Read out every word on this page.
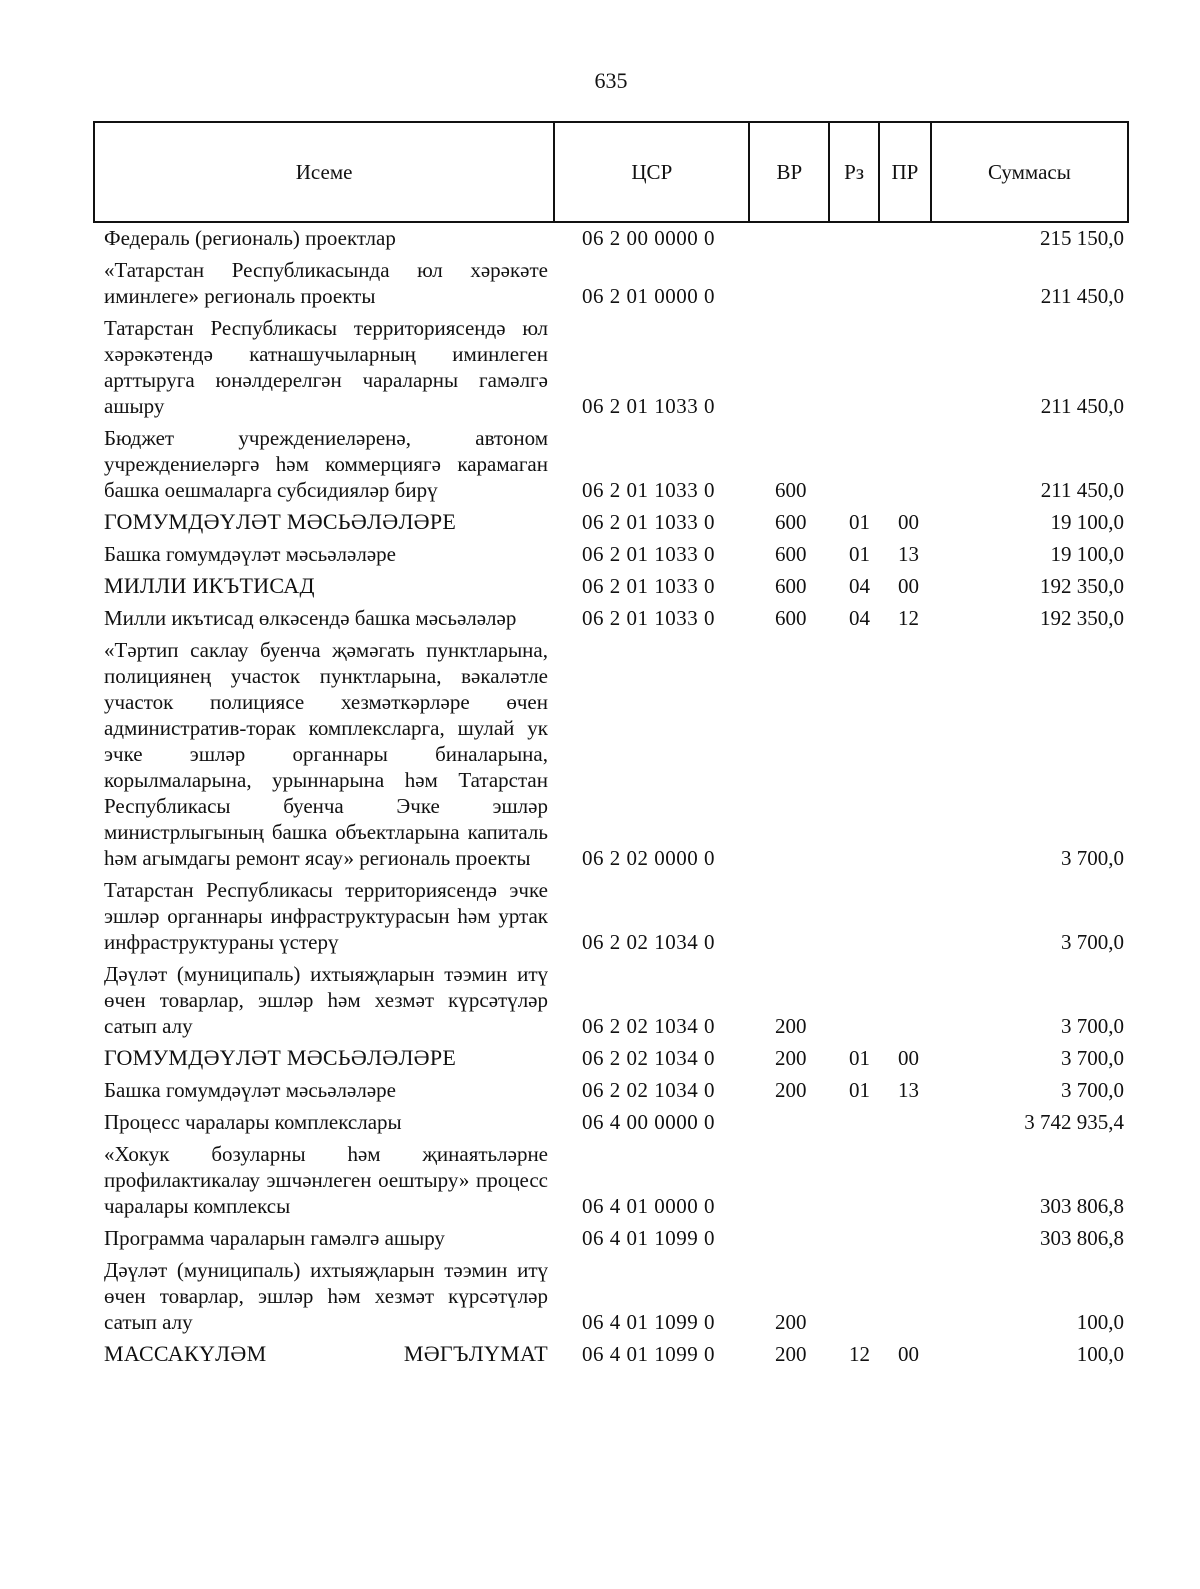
635
Исеме	ЦСР	ВР	Рз	ПР	Суммасы
Федераль (региональ) проектлар	06 2 00 0000 0	215 150,0
«Татарстан Республикасында юл хәрәкәте иминлеге» региональ проекты	06 2 01 0000 0	211 450,0
Татарстан Республикасы территориясендә юл хәрәкәтендә катнашучыларның иминлеген арттыруга юнәлдерелгән чараларны гамәлгә ашыру	06 2 01 1033 0	211 450,0
Бюджет учреждениеләренә, автоном учреждениеләргә һәм коммерциягә карамаган башка оешмаларга субсидияләр бирү	06 2 01 1033 0	600	211 450,0
ГОМУМДӘҮЛӘТ МӘСЬӘЛӘЛӘРЕ	06 2 01 1033 0	600 01 00	19 100,0
Башка гомумдәүләт мәсьәләләре	06 2 01 1033 0	600 01 13	19 100,0
МИЛЛИ ИКЪТИСАД	06 2 01 1033 0	600 04 00	192 350,0
Милли икътисад өлкәсендә башка мәсьәләләр	06 2 01 1033 0	600 04 12	192 350,0
«Тәртип саклау буенча җәмәгать пунктларына, полициянең участок пунктларына, вәкаләтле участок полициясе хезмәткәрләре өчен административ-торак комплексларга, шулай ук эчке эшләр органнары биналарына, корылмаларына, урыннарына һәм Татарстан Республикасы буенча Эчке эшләр министрлыгының башка объектларына капиталь һәм агымдагы ремонт ясау» региональ проекты	06 2 02 0000 0	3 700,0
Татарстан Республикасы территориясендә эчке эшләр органнары инфраструктурасын һәм уртак инфраструктураны үстерү	06 2 02 1034 0	3 700,0
Дәүләт (муниципаль) ихтыяҗларын тәэмин итү өчен товарлар, эшләр һәм хезмәт күрсәтүләр сатып алу	06 2 02 1034 0	200	3 700,0
ГОМУМДӘҮЛӘТ МӘСЬӘЛӘЛӘРЕ	06 2 02 1034 0	200 01 00	3 700,0
Башка гомумдәүләт мәсьәләләре	06 2 02 1034 0	200 01 13	3 700,0
Процесс чаралары комплекслары	06 4 00 0000 0	3 742 935,4
«Хокук бозуларны һәм җинаятьләрне профилактикалау эшчәнлеген оештыру» процесс чаралары комплексы	06 4 01 0000 0	303 806,8
Программа чараларын гамәлгә ашыру	06 4 01 1099 0	303 806,8
Дәүләт (муниципаль) ихтыяҗларын тәэмин итү өчен товарлар, эшләр һәм хезмәт күрсәтүләр сатып алу	06 4 01 1099 0	200	100,0
МАССАКҮЛӘМ МӘГЪЛҮМАТ 06 4 01 1099 0	200 12 00	100,0
